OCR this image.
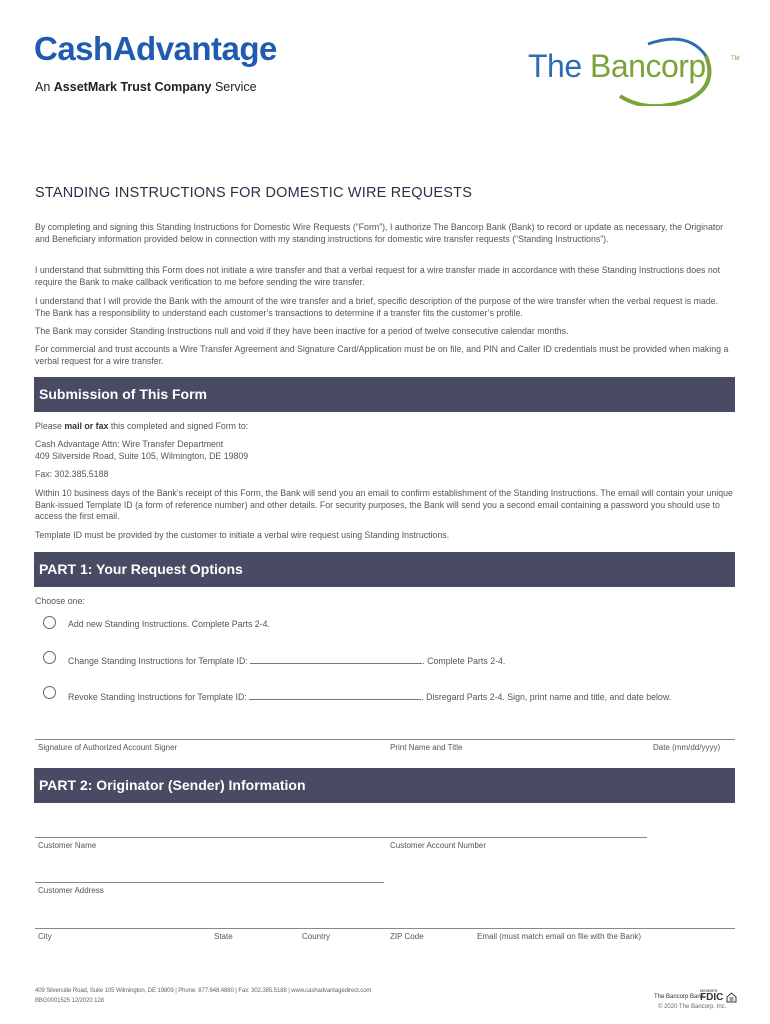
CashAdvantage
An AssetMark Trust Company Service
The Bancorp	TM
STANDING INSTRUCTIONS FOR DOMESTIC WIRE REQUESTS

By completing and signing this Standing Instructions for Domestic Wire Requests (“Form”), I authorize The Bancorp Bank (Bank) to record or update as necessary, the Originator and Beneficiary information provided below in connection with my standing instructions for domestic wire transfer requests (“Standing Instructions”).

I understand that submitting this Form does not initiate a wire transfer and that a verbal request for a wire transfer made in accordance with these Standing Instructions does not require the Bank to make callback verification to me before sending the wire transfer.

I understand that I will provide the Bank with the amount of the wire transfer and a brief, specific description of the purpose of the wire transfer when the verbal request is made. The Bank has a responsibility to understand each customer’s transactions to determine if a transfer fits the customer’s profile.

The Bank may consider Standing Instructions null and void if they have been inactive for a period of twelve consecutive calendar months.

For commercial and trust accounts a Wire Transfer Agreement and Signature Card/Application must be on file, and PIN and Caller ID credentials must be provided when making a verbal request for a wire transfer.

Submission of This Form
Please mail or fax this completed and signed Form to:
Cash Advantage Attn: Wire Transfer Department
409 Silverside Road, Suite 105, Wilmington, DE 19809
Fax: 302.385.5188

Within 10 business days of the Bank’s receipt of this Form, the Bank will send you an email to confirm establishment of the Standing Instructions. The email will contain your unique Bank-issued Template ID (a form of reference number) and other details. For security purposes, the Bank will send you a second email containing a password you should use to access the first email.

Template ID must be provided by the customer to initiate a verbal wire request using Standing Instructions.

PART 1: Your Request Options
Choose one:
Add new Standing Instructions. Complete Parts 2-4.
Change Standing Instructions for Template ID:	. Complete Parts 2-4.
Revoke Standing Instructions for Template ID:	. Disregard Parts 2-4. Sign, print name and title, and date below.
Signature of Authorized Account Signer	Print Name and Title	Date (mm/dd/yyyy)
PART 2: Originator (Sender) Information
Customer Name	Customer Account Number
Customer Address
City	State	Country	ZIP Code	Email (must match email on file with the Bank)
409 Silverside Road, Suite 105 Wilmington, DE 19809 | Phone: 877.648.4880 | Fax: 302.385.5188 | www.cashadvantagedirect.com
BBG0001525 12/2020 128
The Bancorp Bank.
MEMBER
FDIC
© 2020 The Bancorp, Inc.
